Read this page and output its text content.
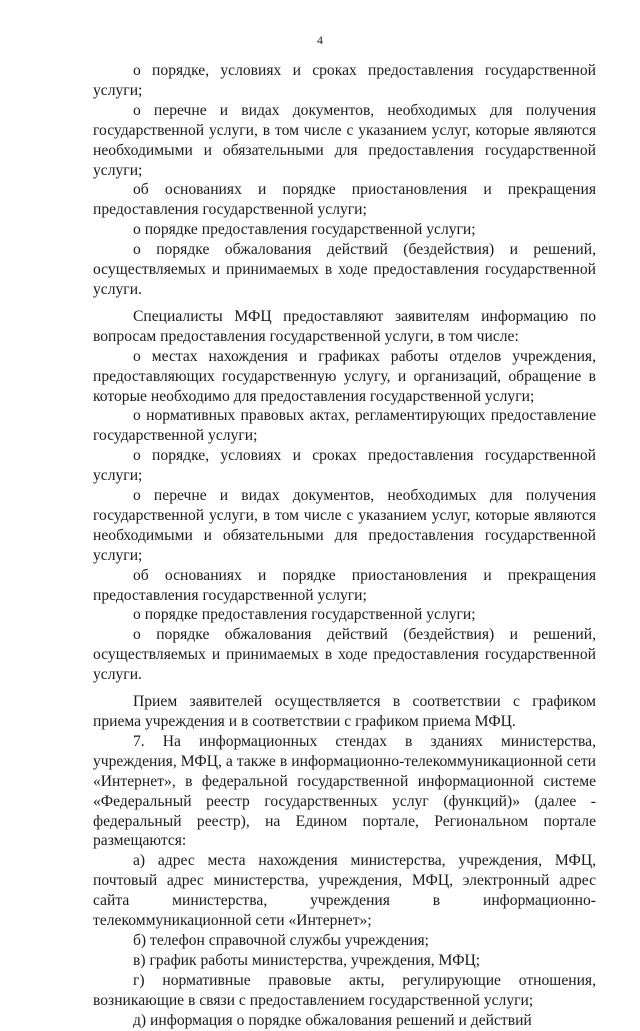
4

о порядке, условиях и сроках предоставления государственной услуги;

о перечне и видах документов, необходимых для получения государственной услуги, в том числе с указанием услуг, которые являются необходимыми и обязательными для предоставления государственной услуги;

об основаниях и порядке приостановления и прекращения предоставления государственной услуги;

о порядке предоставления государственной услуги;

о порядке обжалования действий (бездействия) и решений, осуществляемых и принимаемых в ходе предоставления государственной услуги.

Специалисты МФЦ предоставляют заявителям информацию по вопросам предоставления государственной услуги, в том числе:

о местах нахождения и графиках работы отделов учреждения, предоставляющих государственную услугу, и организаций, обращение в которые необходимо для предоставления государственной услуги;

о нормативных правовых актах, регламентирующих предоставление государственной услуги;

о порядке, условиях и сроках предоставления государственной услуги;

о перечне и видах документов, необходимых для получения государственной услуги, в том числе с указанием услуг, которые являются необходимыми и обязательными для предоставления государственной услуги;

об основаниях и порядке приостановления и прекращения предоставления государственной услуги;

о порядке предоставления государственной услуги;

о порядке обжалования действий (бездействия) и решений, осуществляемых и принимаемых в ходе предоставления государственной услуги.

Прием заявителей осуществляется в соответствии с графиком приема учреждения и в соответствии с графиком приема МФЦ.

7. На информационных стендах в зданиях министерства, учреждения, МФЦ, а также в информационно-телекоммуникационной сети «Интернет», в федеральной государственной информационной системе «Федеральный реестр государственных услуг (функций)» (далее - федеральный реестр), на Едином портале, Региональном портале размещаются:

а) адрес места нахождения министерства, учреждения, МФЦ, почтовый адрес министерства, учреждения, МФЦ, электронный адрес сайта министерства, учреждения в информационно-телекоммуникационной сети «Интернет»;

б) телефон справочной службы учреждения;

в) график работы министерства, учреждения, МФЦ;

г) нормативные правовые акты, регулирующие отношения, возникающие в связи с предоставлением государственной услуги;

д) информация о порядке обжалования решений и действий
